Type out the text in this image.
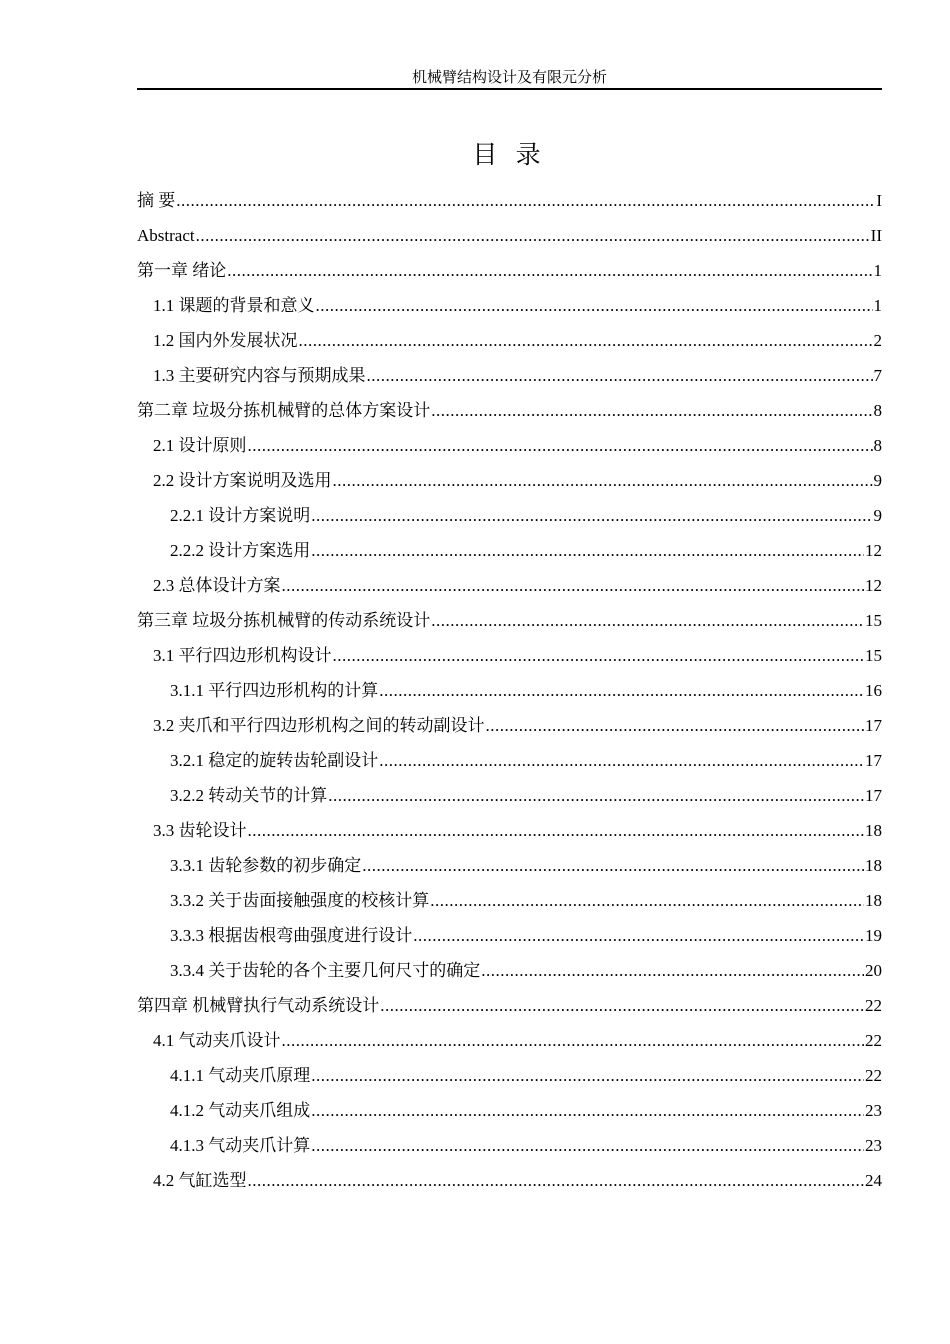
机械臂结构设计及有限元分析
目 录
摘 要 .....	I
Abstract .....	II
第一章 绪论 .....	1
1.1 课题的背景和意义 .....	1
1.2 国内外发展状况 .....	2
1.3 主要研究内容与预期成果 .....	7
第二章 垃圾分拣机械臂的总体方案设计 .....	8
2.1 设计原则 .....	8
2.2 设计方案说明及选用 .....	9
2.2.1 设计方案说明 .....	9
2.2.2 设计方案选用 .....	12
2.3 总体设计方案 .....	12
第三章 垃圾分拣机械臂的传动系统设计 .....	15
3.1 平行四边形机构设计 .....	15
3.1.1 平行四边形机构的计算 .....	16
3.2 夹爪和平行四边形机构之间的转动副设计 .....	17
3.2.1 稳定的旋转齿轮副设计 .....	17
3.2.2 转动关节的计算 .....	17
3.3 齿轮设计 .....	18
3.3.1 齿轮参数的初步确定 .....	18
3.3.2 关于齿面接触强度的校核计算 .....	18
3.3.3 根据齿根弯曲强度进行设计 .....	19
3.3.4 关于齿轮的各个主要几何尺寸的确定 .....	20
第四章 机械臂执行气动系统设计 .....	22
4.1 气动夹爪设计 .....	22
4.1.1 气动夹爪原理 .....	22
4.1.2 气动夹爪组成 .....	23
4.1.3 气动夹爪计算 .....	23
4.2 气缸选型 .....	24
